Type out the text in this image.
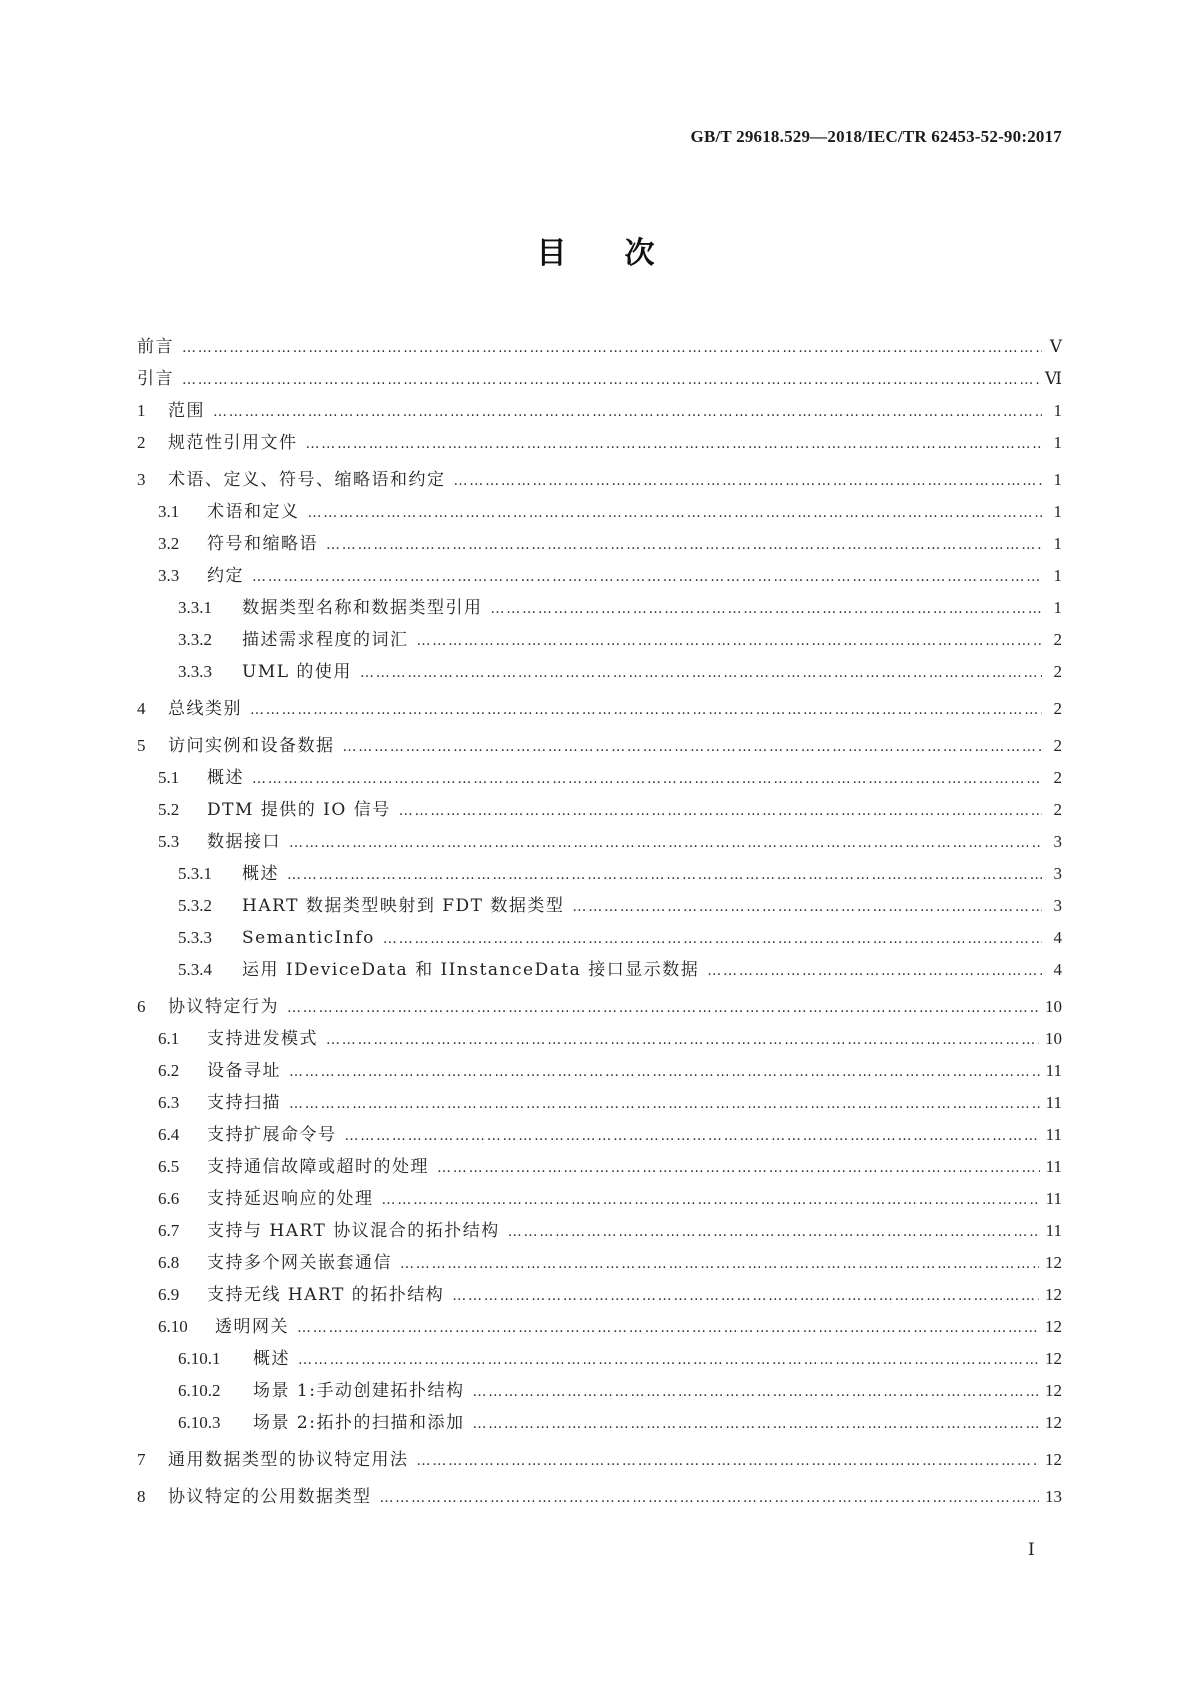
GB/T 29618.529—2018/IEC/TR 62453-52-90:2017
目次
前言 ………………………………………………………………………………………………………………………………………………………………………………………………………………	Ⅴ
引言 ………………………………………………………………………………………………………………………………………………………………………………………………………………	Ⅵ
1	范围 ………………………………………………………………………………………………………………………………………………………………………………………………………………	1
2	规范性引用文件 ………………………………………………………………………………………………………………………………………………………………………………………………………………	1
3	术语、定义、符号、缩略语和约定 ………………………………………………………………………………………………………………………………………………………………………………………………………………	1
3.1	术语和定义 ………………………………………………………………………………………………………………………………………………………………………………………………………………	1
3.2	符号和缩略语 ………………………………………………………………………………………………………………………………………………………………………………………………………………	1
3.3	约定 ………………………………………………………………………………………………………………………………………………………………………………………………………………	1
3.3.1	数据类型名称和数据类型引用 ………………………………………………………………………………………………………………………………………………………………………………………………………………	1
3.3.2	描述需求程度的词汇 ………………………………………………………………………………………………………………………………………………………………………………………………………………	2
3.3.3	UML 的使用 ………………………………………………………………………………………………………………………………………………………………………………………………………………	2
4	总线类别 ………………………………………………………………………………………………………………………………………………………………………………………………………………	2
5	访问实例和设备数据 ………………………………………………………………………………………………………………………………………………………………………………………………………………	2
5.1	概述 ………………………………………………………………………………………………………………………………………………………………………………………………………………	2
5.2	DTM 提供的 IO 信号 ………………………………………………………………………………………………………………………………………………………………………………………………………………	2
5.3	数据接口 ………………………………………………………………………………………………………………………………………………………………………………………………………………	3
5.3.1	概述 ………………………………………………………………………………………………………………………………………………………………………………………………………………	3
5.3.2	HART 数据类型映射到 FDT 数据类型 ………………………………………………………………………………………………………………………………………………………………………………………………………………	3
5.3.3	SemanticInfo ………………………………………………………………………………………………………………………………………………………………………………………………………………	4
5.3.4	运用 IDeviceData 和 IInstanceData 接口显示数据 ………………………………………………………………………………………………………………………………………………………………………………………………………………	4
6	协议特定行为 ………………………………………………………………………………………………………………………………………………………………………………………………………………	10
6.1	支持进发模式 ………………………………………………………………………………………………………………………………………………………………………………………………………………	10
6.2	设备寻址 ………………………………………………………………………………………………………………………………………………………………………………………………………………	11
6.3	支持扫描 ………………………………………………………………………………………………………………………………………………………………………………………………………………	11
6.4	支持扩展命令号 ………………………………………………………………………………………………………………………………………………………………………………………………………………	11
6.5	支持通信故障或超时的处理 ………………………………………………………………………………………………………………………………………………………………………………………………………………	11
6.6	支持延迟响应的处理 ………………………………………………………………………………………………………………………………………………………………………………………………………………	11
6.7	支持与 HART 协议混合的拓扑结构 ………………………………………………………………………………………………………………………………………………………………………………………………………………	11
6.8	支持多个网关嵌套通信 ………………………………………………………………………………………………………………………………………………………………………………………………………………	12
6.9	支持无线 HART 的拓扑结构 ………………………………………………………………………………………………………………………………………………………………………………………………………………	12
6.10	透明网关 ………………………………………………………………………………………………………………………………………………………………………………………………………………	12
6.10.1	概述 ………………………………………………………………………………………………………………………………………………………………………………………………………………	12
6.10.2	场景 1:手动创建拓扑结构 ………………………………………………………………………………………………………………………………………………………………………………………………………………	12
6.10.3	场景 2:拓扑的扫描和添加 ………………………………………………………………………………………………………………………………………………………………………………………………………………	12
7	通用数据类型的协议特定用法 ………………………………………………………………………………………………………………………………………………………………………………………………………………	12
8	协议特定的公用数据类型 ………………………………………………………………………………………………………………………………………………………………………………………………………………	13
Ⅰ
